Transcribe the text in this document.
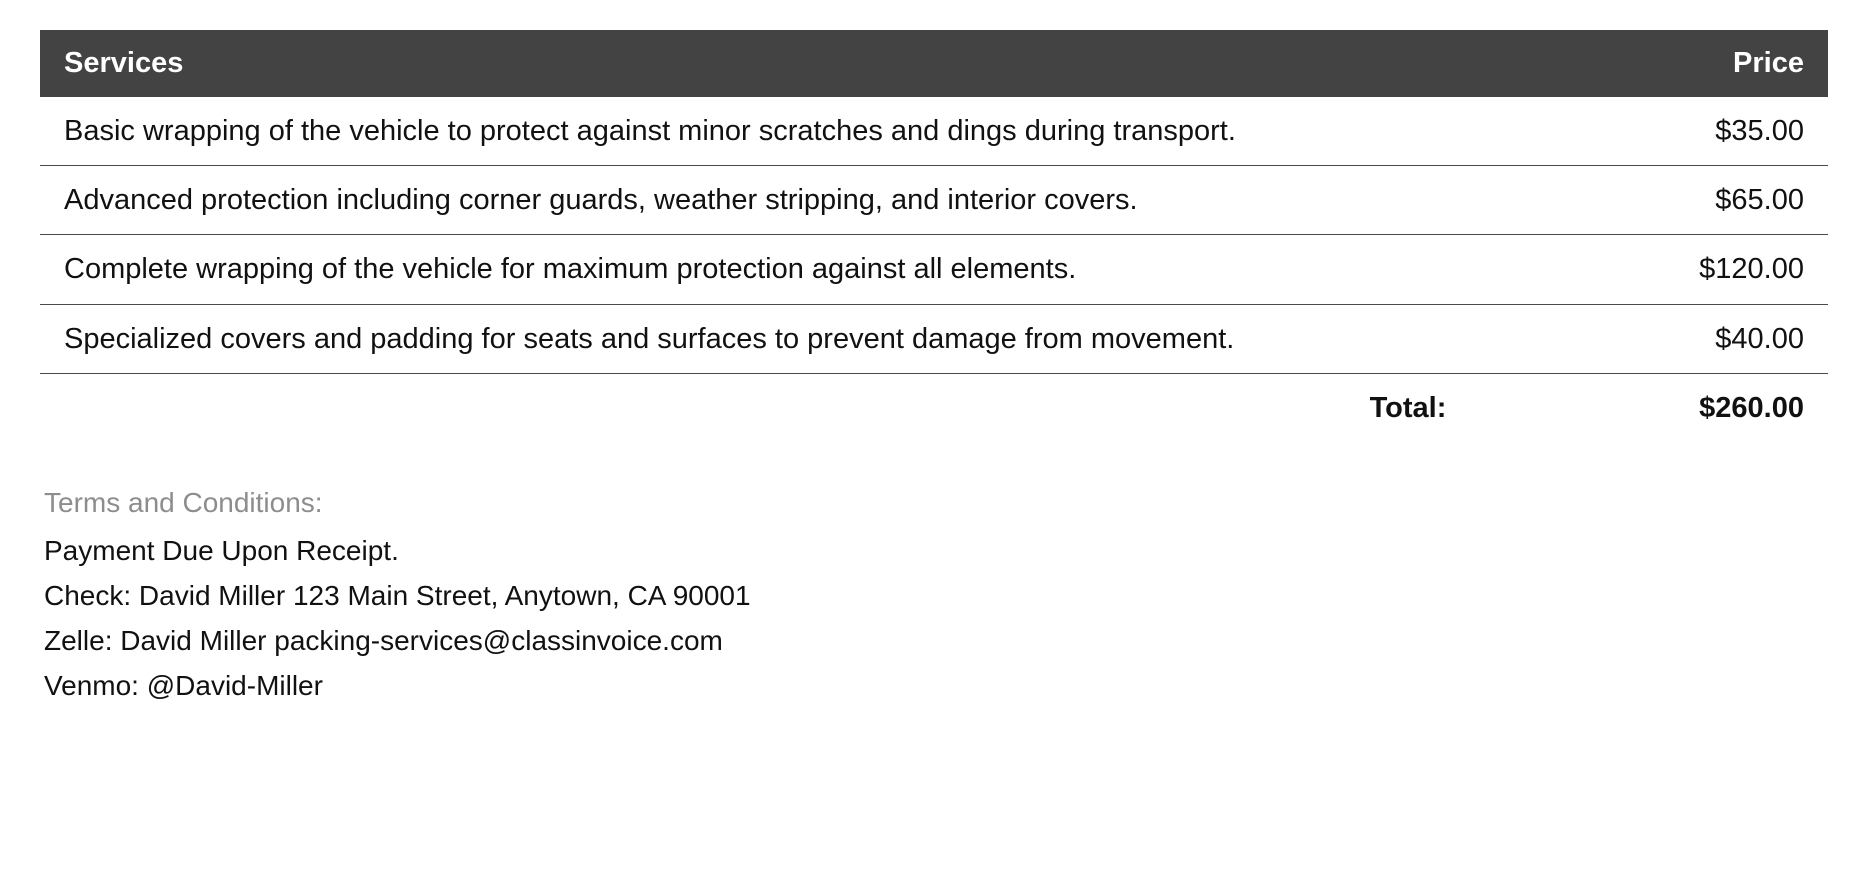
Services	Price
Basic wrapping of the vehicle to protect against minor scratches and dings during transport.	$35.00
Advanced protection including corner guards, weather stripping, and interior covers.	$65.00
Complete wrapping of the vehicle for maximum protection against all elements.	$120.00
Specialized covers and padding for seats and surfaces to prevent damage from movement.	$40.00
Total:	$260.00
Terms and Conditions:
Payment Due Upon Receipt.
Check: David Miller 123 Main Street, Anytown, CA 90001
Zelle: David Miller packing-services@classinvoice.com
Venmo: @David-Miller
